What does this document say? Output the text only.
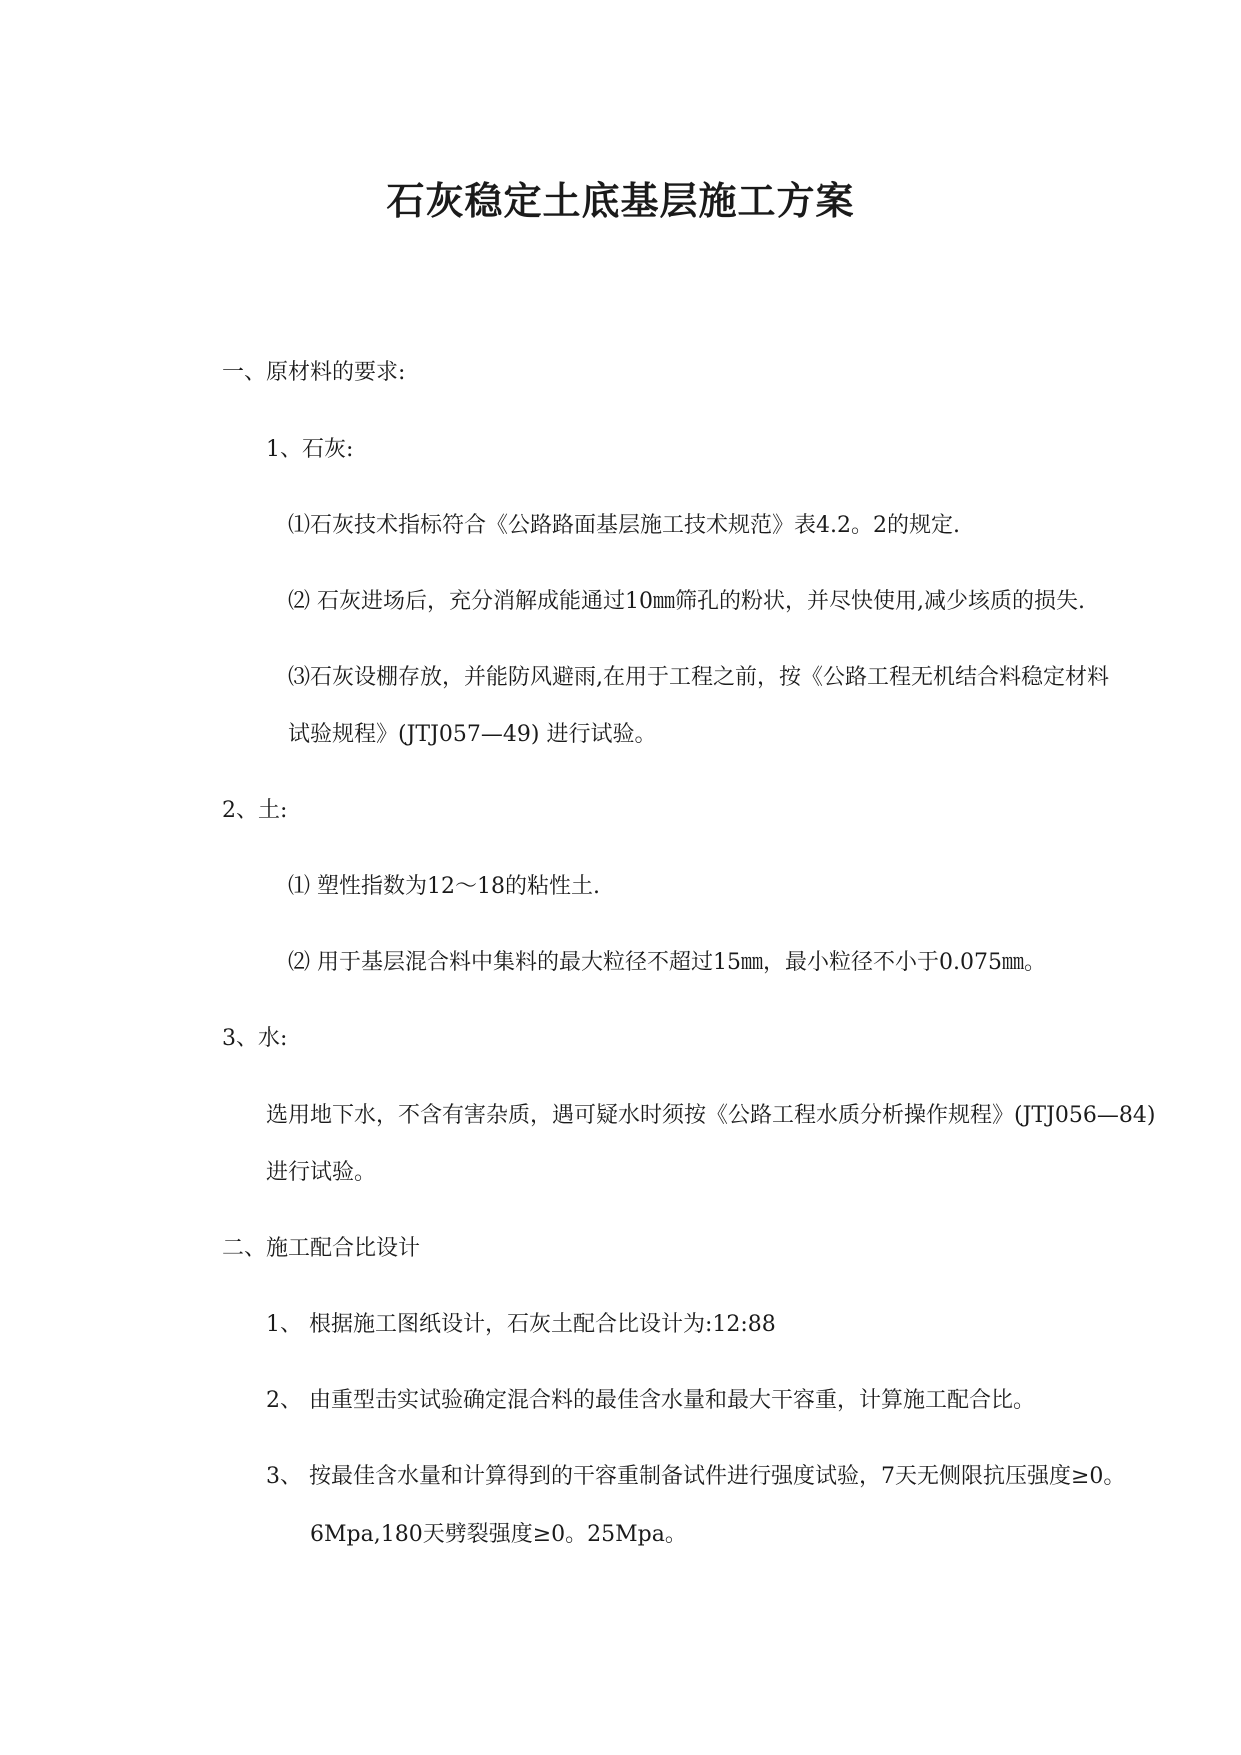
石灰稳定土底基层施工方案

一、原材料的要求:

1、石灰:

⑴石灰技术指标符合《公路路面基层施工技术规范》表4.2。2的规定.

⑵ 石灰进场后，充分消解成能通过10㎜筛孔的粉状，并尽快使用,减少垓质的损失.

⑶石灰设棚存放，并能防风避雨,在用于工程之前，按《公路工程无机结合料稳定材料

试验规程》(JTJ057—49) 进行试验。

2、土:

⑴ 塑性指数为12～18的粘性土.

⑵ 用于基层混合料中集料的最大粒径不超过15㎜，最小粒径不小于0.075㎜。

3、水:

选用地下水，不含有害杂质，遇可疑水时须按《公路工程水质分析操作规程》(JTJ056—84)

进行试验。

二、施工配合比设计

1、 根据施工图纸设计，石灰土配合比设计为:12:88

2、 由重型击实试验确定混合料的最佳含水量和最大干容重，计算施工配合比。

3、 按最佳含水量和计算得到的干容重制备试件进行强度试验，7天无侧限抗压强度≥0。

6Mpa,180天劈裂强度≥0。25Mpa。
